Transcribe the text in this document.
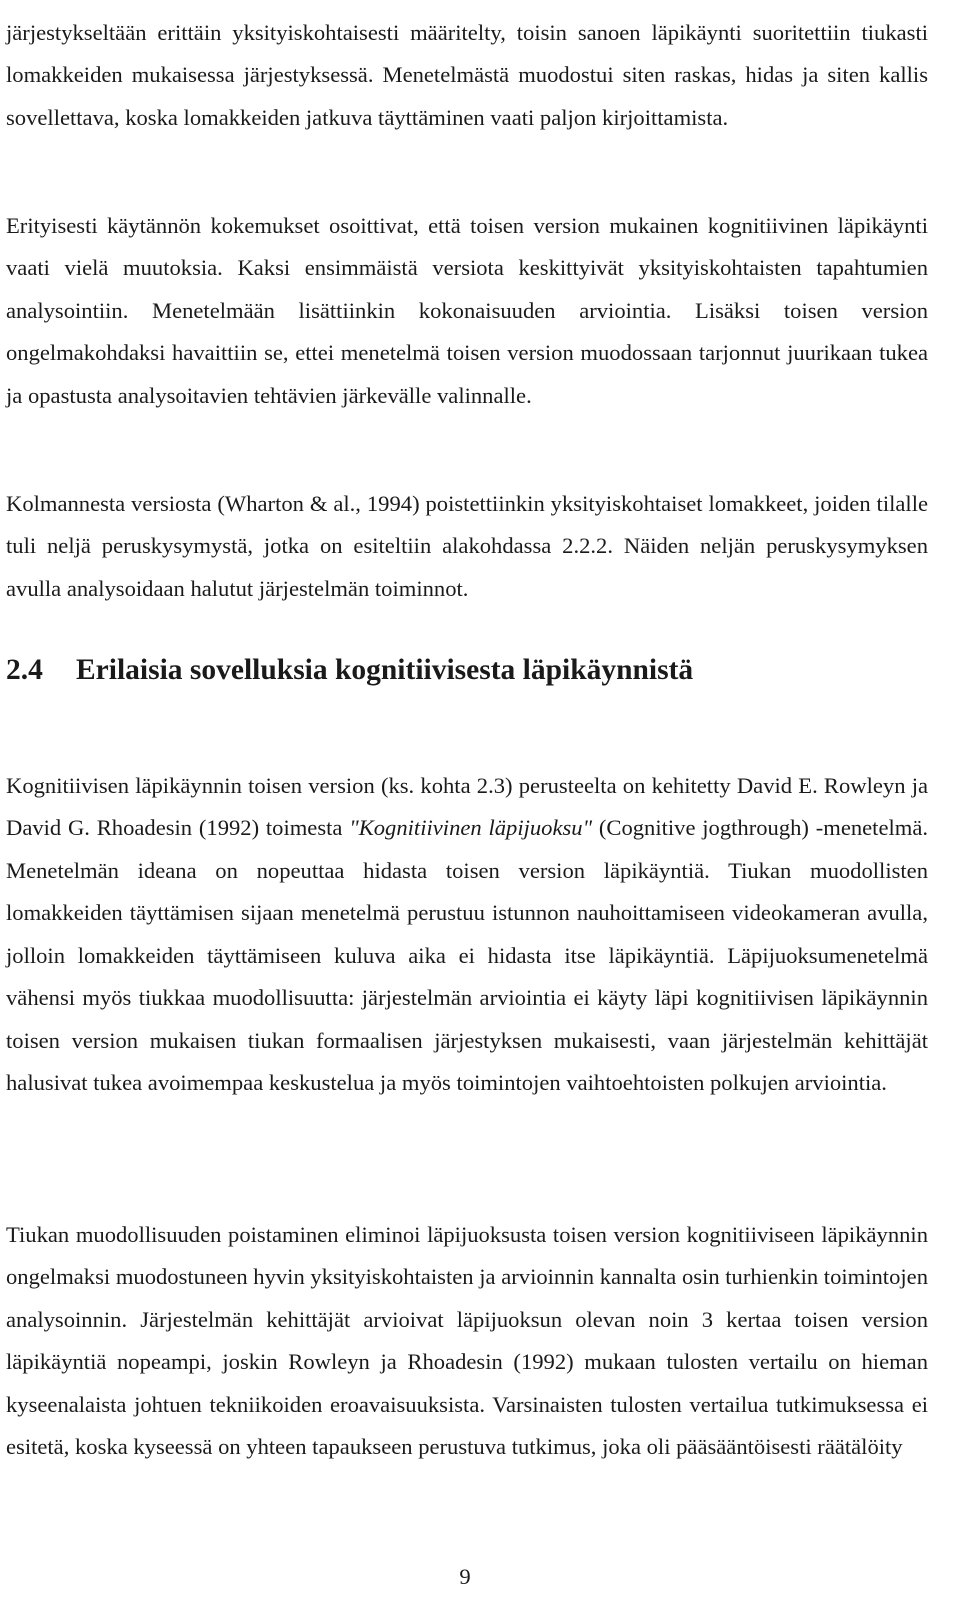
järjestykseltään erittäin yksityiskohtaisesti määritelty, toisin sanoen läpikäynti suoritettiin tiukasti lomakkeiden mukaisessa järjestyksessä. Menetelmästä muodostui siten raskas, hidas ja siten kallis sovellettava, koska lomakkeiden jatkuva täyttäminen vaati paljon kirjoittamista.

Erityisesti käytännön kokemukset osoittivat, että toisen version mukainen kognitiivinen läpikäynti vaati vielä muutoksia. Kaksi ensimmäistä versiota keskittyivät yksityiskohtaisten tapahtumien analysointiin. Menetelmään lisättiinkin kokonaisuuden arviointia. Lisäksi toisen version ongelmakohdaksi havaittiin se, ettei menetelmä toisen version muodossaan tarjonnut juurikaan tukea ja opastusta analysoitavien tehtävien järkevälle valinnalle.

Kolmannesta versiosta (Wharton & al., 1994) poistettiinkin yksityiskohtaiset lomakkeet, joiden tilalle tuli neljä peruskysymystä, jotka on esiteltiin alakohdassa 2.2.2. Näiden neljän peruskysymyksen avulla analysoidaan halutut järjestelmän toiminnot.

2.4 Erilaisia sovelluksia kognitiivisesta läpikäynnistä

Kognitiivisen läpikäynnin toisen version (ks. kohta 2.3) perusteelta on kehitetty David E. Rowleyn ja David G. Rhoadesin (1992) toimesta "Kognitiivinen läpijuoksu" (Cognitive jogthrough) -menetelmä. Menetelmän ideana on nopeuttaa hidasta toisen version läpikäyntiä. Tiukan muodollisten lomakkeiden täyttämisen sijaan menetelmä perustuu istunnon nauhoittamiseen videokameran avulla, jolloin lomakkeiden täyttämiseen kuluva aika ei hidasta itse läpikäyntiä. Läpijuoksumenetelmä vähensi myös tiukkaa muodollisuutta: järjestelmän arviointia ei käyty läpi kognitiivisen läpikäynnin toisen version mukaisen tiukan formaalisen järjestyksen mukaisesti, vaan järjestelmän kehittäjät halusivat tukea avoimempaa keskustelua ja myös toimintojen vaihtoehtoisten polkujen arviointia.

Tiukan muodollisuuden poistaminen eliminoi läpijuoksusta toisen version kognitiiviseen läpikäynnin ongelmaksi muodostuneen hyvin yksityiskohtaisten ja arvioinnin kannalta osin turhienkin toimintojen analysoinnin. Järjestelmän kehittäjät arvioivat läpijuoksun olevan noin 3 kertaa toisen version läpikäyntiä nopeampi, joskin Rowleyn ja Rhoadesin (1992) mukaan tulosten vertailu on hieman kyseenalaista johtuen tekniikoiden eroavaisuuksista. Varsinaisten tulosten vertailua tutkimuksessa ei esitetä, koska kyseessä on yhteen tapaukseen perustuva tutkimus, joka oli pääsääntöisesti räätälöity

9
